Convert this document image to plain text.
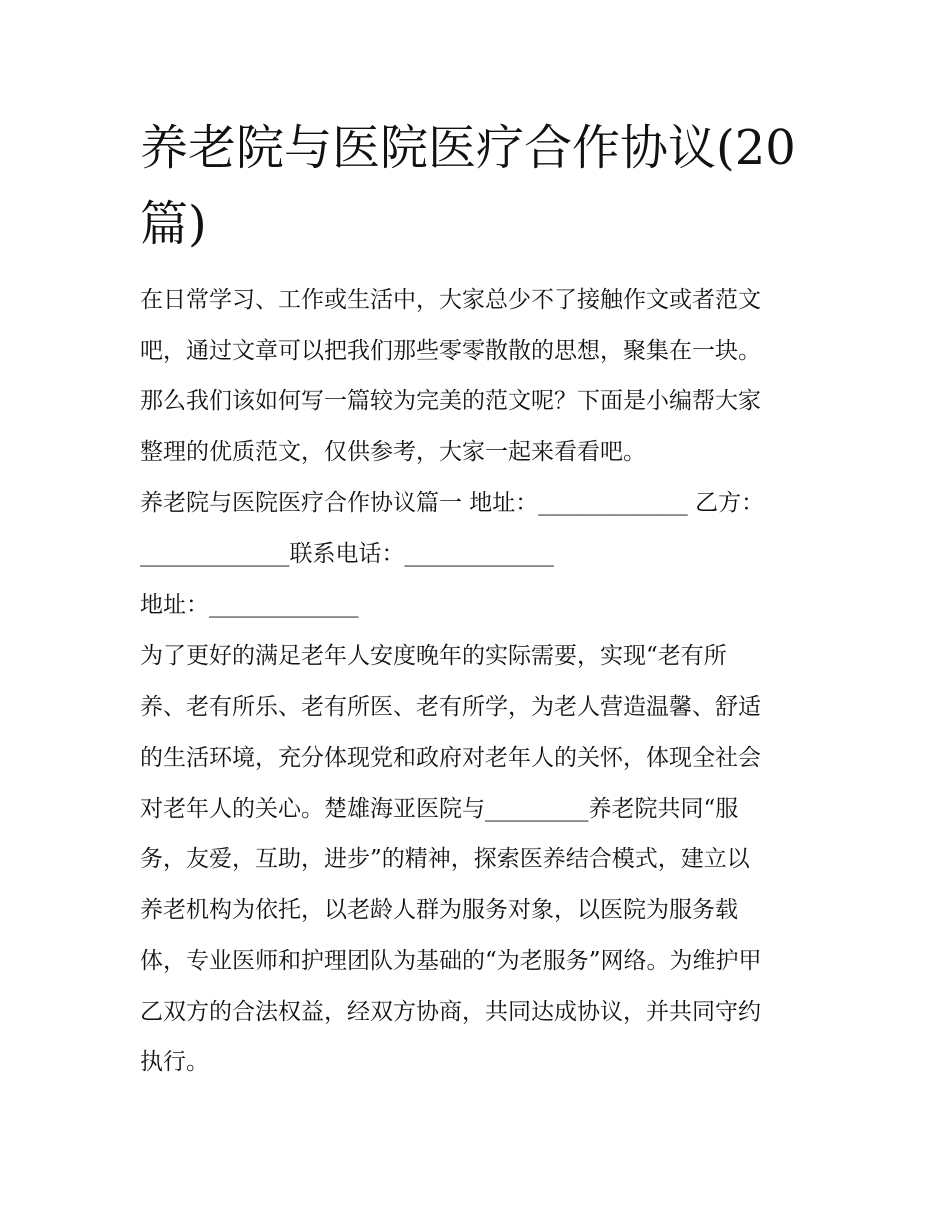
养老院与医院医疗合作协议(20
篇)
在日常学习、工作或生活中，大家总少不了接触作文或者范文
吧，通过文章可以把我们那些零零散散的思想，聚集在一块。
那么我们该如何写一篇较为完美的范文呢？下面是小编帮大家
整理的优质范文，仅供参考，大家一起来看看吧。
养老院与医院医疗合作协议篇一 地址：_____________ 乙方：
_____________联系电话：_____________
地址：_____________
为了更好的满足老年人安度晚年的实际需要，实现“老有所
养、老有所乐、老有所医、老有所学，为老人营造温馨、舒适
的生活环境，充分体现党和政府对老年人的关怀，体现全社会
对老年人的关心。楚雄海亚医院与_________养老院共同“服
务，友爱，互助，进步”的精神，探索医养结合模式，建立以
养老机构为依托，以老龄人群为服务对象，以医院为服务载
体，专业医师和护理团队为基础的“为老服务”网络。为维护甲
乙双方的合法权益，经双方协商，共同达成协议，并共同守约
执行。
